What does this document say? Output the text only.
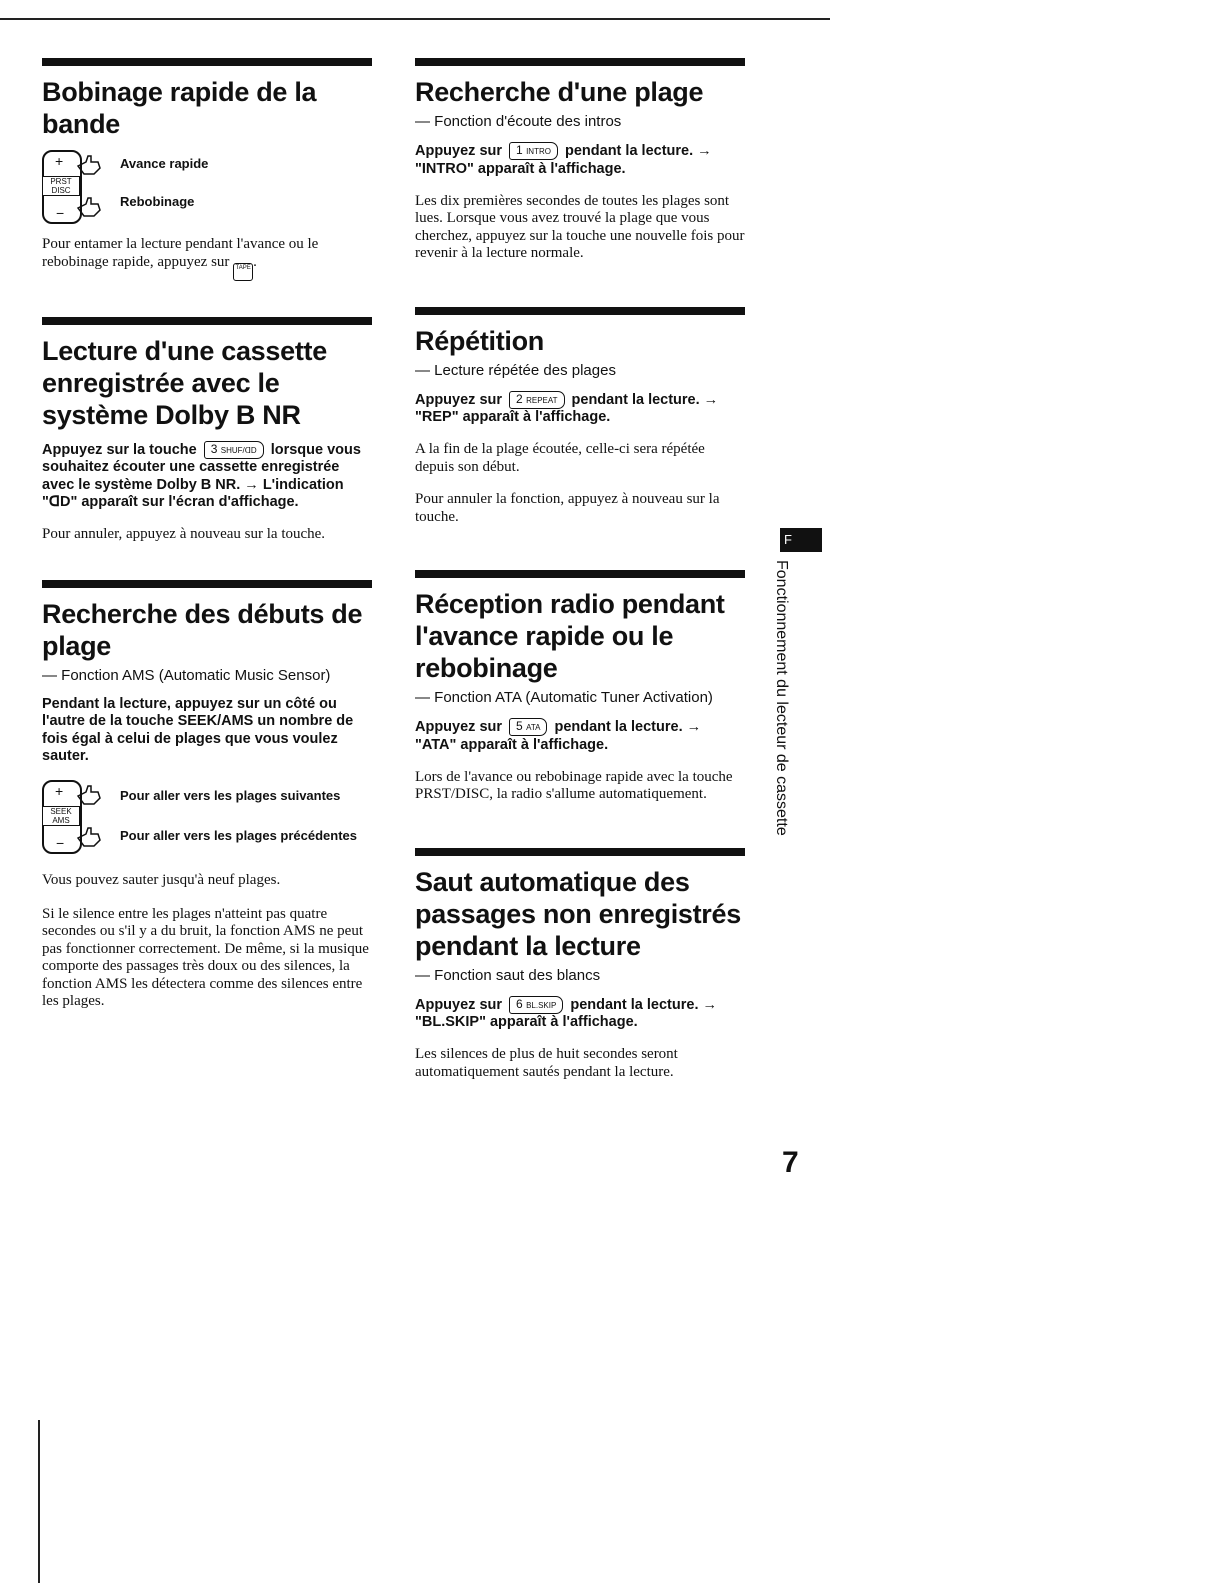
Bobinage rapide de la bande
+
PRST DISC
−
Avance rapide
Rebobinage

Pour entamer la lecture pendant l'avance ou le rebobinage rapide, appuyez sur TAPE .

Lecture d'une cassette enregistrée avec le système Dolby B NR

Appuyez sur la touche 3 SHUF/ᗡD lorsque vous souhaitez écouter une cassette enregistrée avec le système Dolby B NR. → L'indication "ᗡD" apparaît sur l'écran d'affichage.

Pour annuler, appuyez à nouveau sur la touche.

Recherche des débuts de plage
— Fonction AMS (Automatic Music Sensor)

Pendant la lecture, appuyez sur un côté ou l'autre de la touche SEEK/AMS un nombre de fois égal à celui de plages que vous voulez sauter.

+
SEEK AMS
−
Pour aller vers les plages suivantes
Pour aller vers les plages précédentes

Vous pouvez sauter jusqu'à neuf plages.

Si le silence entre les plages n'atteint pas quatre secondes ou s'il y a du bruit, la fonction AMS ne peut pas fonctionner correctement. De même, si la musique comporte des passages très doux ou des silences, la fonction AMS les détectera comme des silences entre les plages.

Recherche d'une plage
— Fonction d'écoute des intros

Appuyez sur 1 INTRO pendant la lecture. → "INTRO" apparaît à l'affichage.

Les dix premières secondes de toutes les plages sont lues. Lorsque vous avez trouvé la plage que vous cherchez, appuyez sur la touche une nouvelle fois pour revenir à la lecture normale.

Répétition
— Lecture répétée des plages

Appuyez sur 2 REPEAT pendant la lecture. → "REP" apparaît à l'affichage.

A la fin de la plage écoutée, celle-ci sera répétée depuis son début.

Pour annuler la fonction, appuyez à nouveau sur la touche.

Réception radio pendant l'avance rapide ou le rebobinage
— Fonction ATA (Automatic Tuner Activation)

Appuyez sur 5 ATA pendant la lecture. → "ATA" apparaît à l'affichage.

Lors de l'avance ou rebobinage rapide avec la touche PRST/DISC, la radio s'allume automatiquement.

Saut automatique des passages non enregistrés pendant la lecture
— Fonction saut des blancs

Appuyez sur 6 BL.SKIP pendant la lecture. → "BL.SKIP" apparaît à l'affichage.

Les silences de plus de huit secondes seront automatiquement sautés pendant la lecture.

F
Fonctionnement du lecteur de cassette
7
